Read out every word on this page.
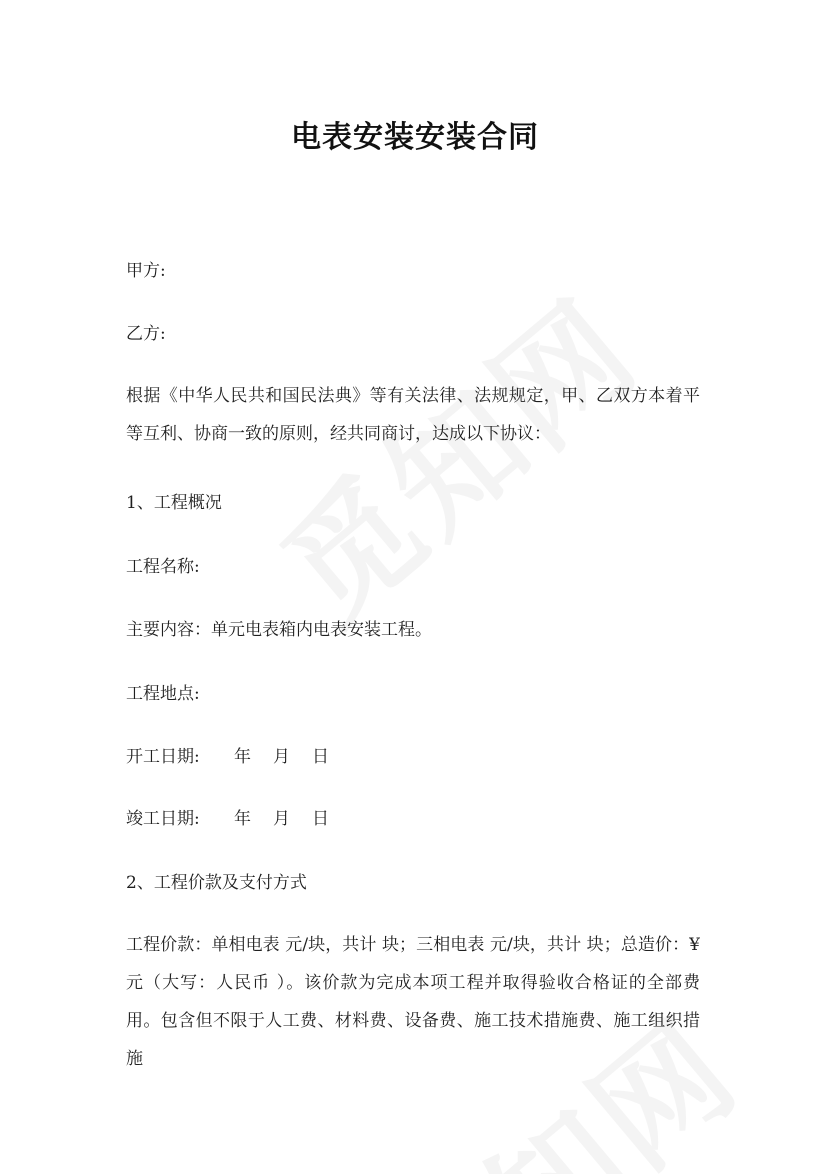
电表安装安装合同
甲方:
乙方:
根据《中华人民共和国民法典》等有关法律、法规规定，甲、乙双方本着平等互利、协商一致的原则，经共同商讨，达成以下协议：
1、工程概况
工程名称:
主要内容：单元电表箱内电表安装工程。
工程地点:
开工日期: 年 月 日
竣工日期: 年 月 日
2、工程价款及支付方式
工程价款：单相电表 元/块，共计 块；三相电表 元/块，共计 块；总造价：¥ 元（大写：人民币 ）。该价款为完成本项工程并取得验收合格证的全部费用。包含但不限于人工费、材料费、设备费、施工技术措施费、施工组织措施
